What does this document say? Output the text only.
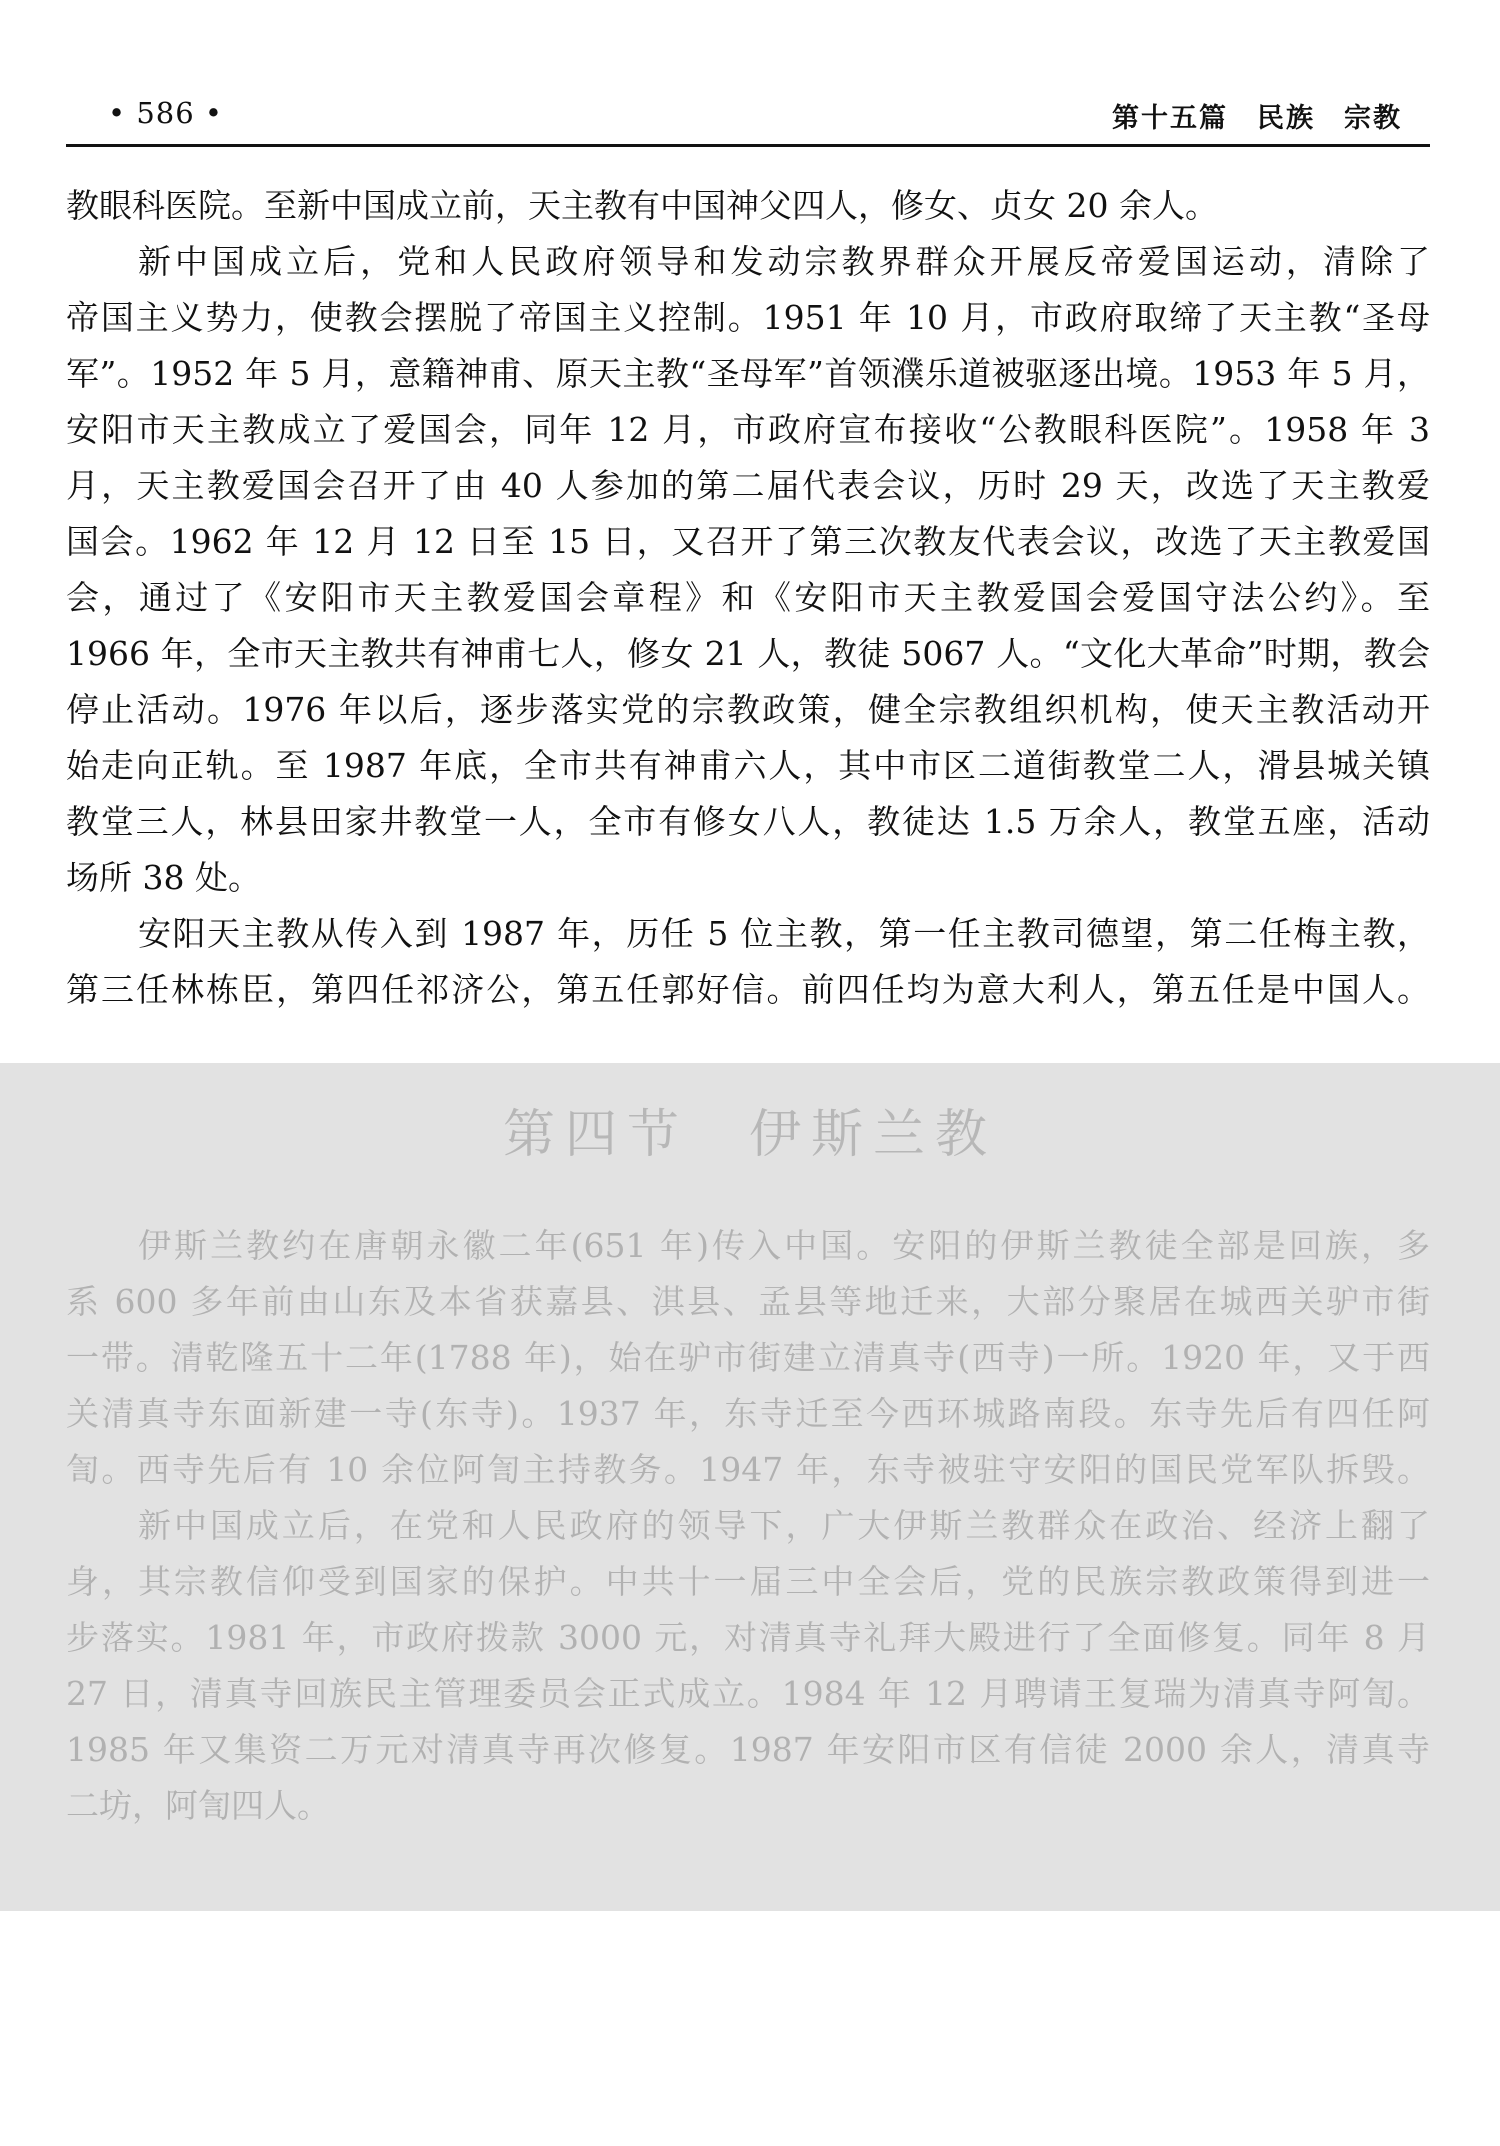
• 586 •	第十五篇　民族　宗教
教眼科医院。至新中国成立前，天主教有中国神父四人，修女、贞女 20 余人。
新中国成立后，党和人民政府领导和发动宗教界群众开展反帝爱国运动，清除了
帝国主义势力，使教会摆脱了帝国主义控制。1951 年 10 月，市政府取缔了天主教“圣母
军”。1952 年 5 月，意籍神甫、原天主教“圣母军”首领濮乐道被驱逐出境。1953 年 5 月，
安阳市天主教成立了爱国会，同年 12 月，市政府宣布接收“公教眼科医院”。1958 年 3
月，天主教爱国会召开了由 40 人参加的第二届代表会议，历时 29 天，改选了天主教爱
国会。1962 年 12 月 12 日至 15 日，又召开了第三次教友代表会议，改选了天主教爱国
会，通过了《安阳市天主教爱国会章程》和《安阳市天主教爱国会爱国守法公约》。至
1966 年，全市天主教共有神甫七人，修女 21 人，教徒 5067 人。“文化大革命”时期，教会
停止活动。1976 年以后，逐步落实党的宗教政策，健全宗教组织机构，使天主教活动开
始走向正轨。至 1987 年底，全市共有神甫六人，其中市区二道街教堂二人，滑县城关镇
教堂三人，林县田家井教堂一人，全市有修女八人，教徒达 1.5 万余人，教堂五座，活动
场所 38 处。
安阳天主教从传入到 1987 年，历任 5 位主教，第一任主教司德望，第二任梅主教，
第三任林栋臣，第四任祁济公，第五任郭好信。前四任均为意大利人，第五任是中国人。
第四节 伊斯兰教
伊斯兰教约在唐朝永徽二年(651 年)传入中国。安阳的伊斯兰教徒全部是回族，多
系 600 多年前由山东及本省获嘉县、淇县、孟县等地迁来，大部分聚居在城西关驴市街
一带。清乾隆五十二年(1788 年)，始在驴市街建立清真寺(西寺)一所。1920 年，又于西
关清真寺东面新建一寺(东寺)。1937 年，东寺迁至今西环城路南段。东寺先后有四任阿
訇。西寺先后有 10 余位阿訇主持教务。1947 年，东寺被驻守安阳的国民党军队拆毁。
新中国成立后，在党和人民政府的领导下，广大伊斯兰教群众在政治、经济上翻了
身，其宗教信仰受到国家的保护。中共十一届三中全会后，党的民族宗教政策得到进一
步落实。1981 年，市政府拨款 3000 元，对清真寺礼拜大殿进行了全面修复。同年 8 月
27 日，清真寺回族民主管理委员会正式成立。1984 年 12 月聘请王复瑞为清真寺阿訇。
1985 年又集资二万元对清真寺再次修复。1987 年安阳市区有信徒 2000 余人，清真寺
二坊，阿訇四人。
